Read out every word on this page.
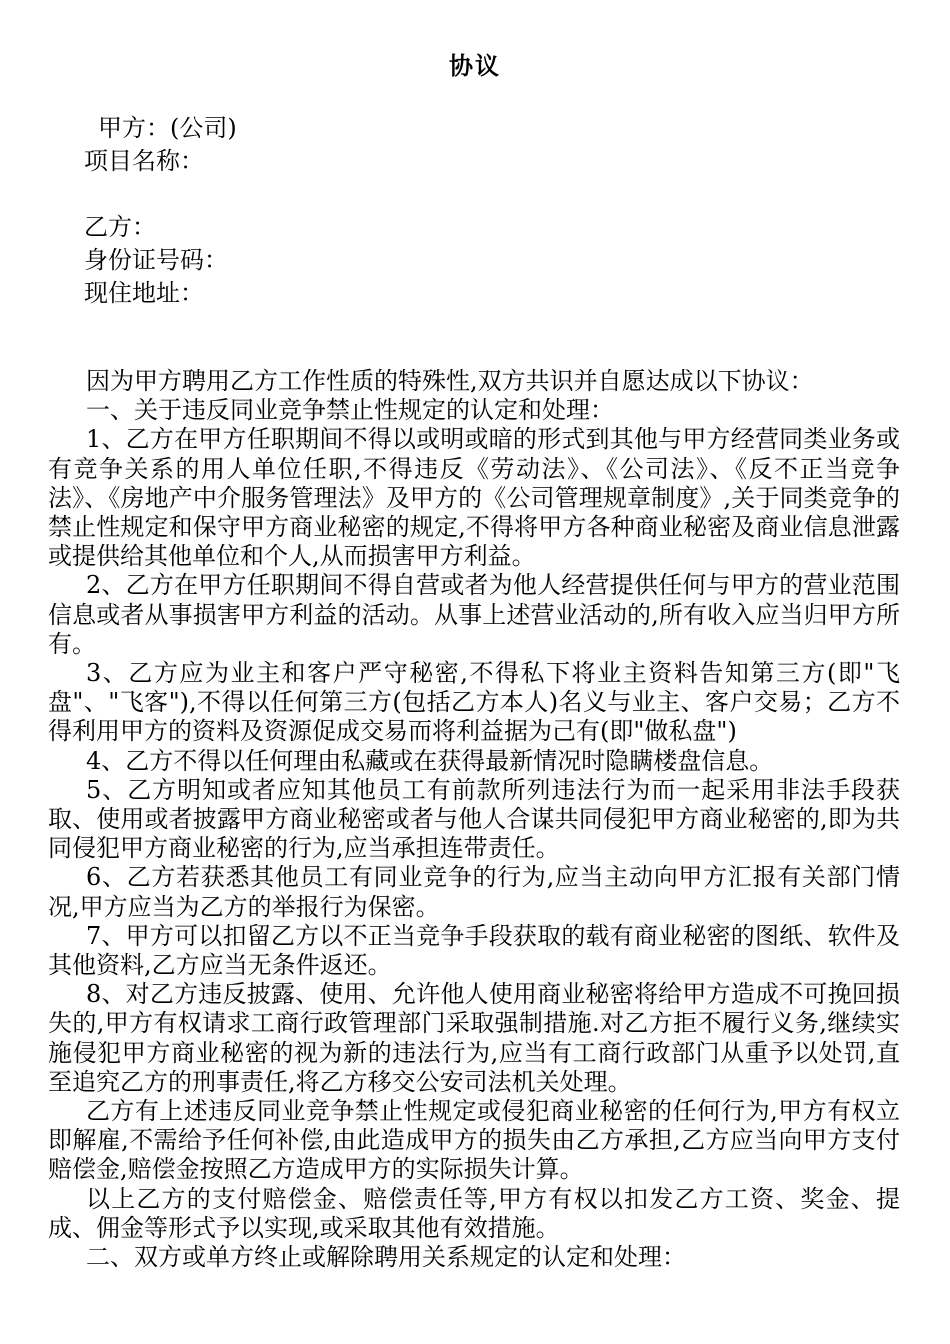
协议
甲方：(公司)
项目名称：
乙方：
身份证号码：
现住地址：

因为甲方聘用乙方工作性质的特殊性,双方共识并自愿达成以下协议：

一、关于违反同业竞争禁止性规定的认定和处理：

1、乙方在甲方任职期间不得以或明或暗的形式到其他与甲方经营同类业务或有竞争关系的用人单位任职,不得违反《劳动法》、《公司法》、《反不正当竞争法》、《房地产中介服务管理法》及甲方的《公司管理规章制度》,关于同类竞争的禁止性规定和保守甲方商业秘密的规定,不得将甲方各种商业秘密及商业信息泄露或提供给其他单位和个人,从而损害甲方利益。

2、乙方在甲方任职期间不得自营或者为他人经营提供任何与甲方的营业范围信息或者从事损害甲方利益的活动。从事上述营业活动的,所有收入应当归甲方所有。

3、乙方应为业主和客户严守秘密,不得私下将业主资料告知第三方(即"飞盘"、"飞客"),不得以任何第三方(包括乙方本人)名义与业主、客户交易；乙方不得利用甲方的资料及资源促成交易而将利益据为己有(即"做私盘")

4、乙方不得以任何理由私藏或在获得最新情况时隐瞒楼盘信息。

5、乙方明知或者应知其他员工有前款所列违法行为而一起采用非法手段获取、使用或者披露甲方商业秘密或者与他人合谋共同侵犯甲方商业秘密的,即为共同侵犯甲方商业秘密的行为,应当承担连带责任。

6、乙方若获悉其他员工有同业竞争的行为,应当主动向甲方汇报有关部门情况,甲方应当为乙方的举报行为保密。

7、甲方可以扣留乙方以不正当竞争手段获取的载有商业秘密的图纸、软件及其他资料,乙方应当无条件返还。

8、对乙方违反披露、使用、允许他人使用商业秘密将给甲方造成不可挽回损失的,甲方有权请求工商行政管理部门采取强制措施.对乙方拒不履行义务,继续实施侵犯甲方商业秘密的视为新的违法行为,应当有工商行政部门从重予以处罚,直至追究乙方的刑事责任,将乙方移交公安司法机关处理。

乙方有上述违反同业竞争禁止性规定或侵犯商业秘密的任何行为,甲方有权立即解雇,不需给予任何补偿,由此造成甲方的损失由乙方承担,乙方应当向甲方支付赔偿金,赔偿金按照乙方造成甲方的实际损失计算。

以上乙方的支付赔偿金、赔偿责任等,甲方有权以扣发乙方工资、奖金、提成、佣金等形式予以实现,或采取其他有效措施。

二、双方或单方终止或解除聘用关系规定的认定和处理：
